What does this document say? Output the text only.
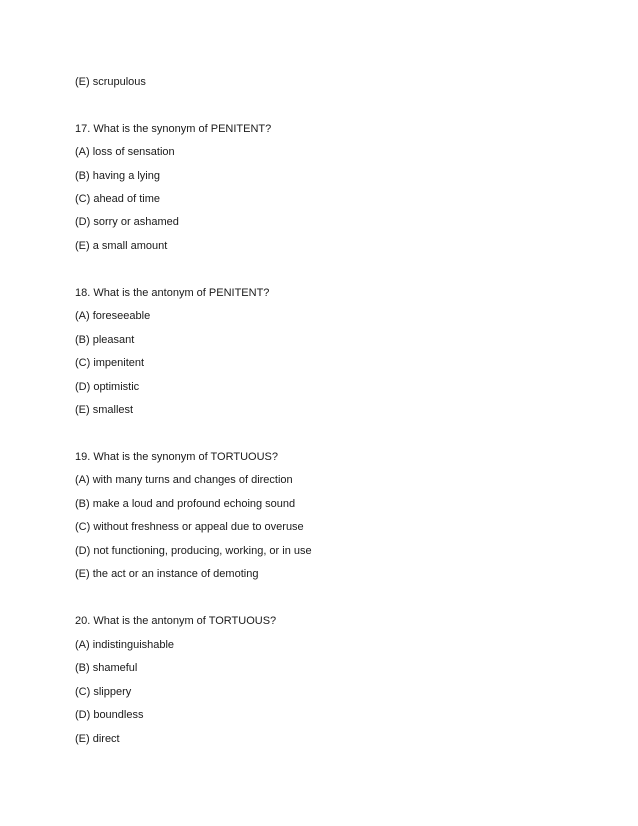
(E) scrupulous
17. What is the synonym of PENITENT?
(A) loss of sensation
(B) having a lying
(C) ahead of time
(D) sorry or ashamed
(E) a small amount
18. What is the antonym of PENITENT?
(A) foreseeable
(B) pleasant
(C) impenitent
(D) optimistic
(E) smallest
19. What is the synonym of TORTUOUS?
(A) with many turns and changes of direction
(B) make a loud and profound echoing sound
(C) without freshness or appeal due to overuse
(D) not functioning, producing, working, or in use
(E) the act or an instance of demoting
20. What is the antonym of TORTUOUS?
(A) indistinguishable
(B) shameful
(C) slippery
(D) boundless
(E) direct
